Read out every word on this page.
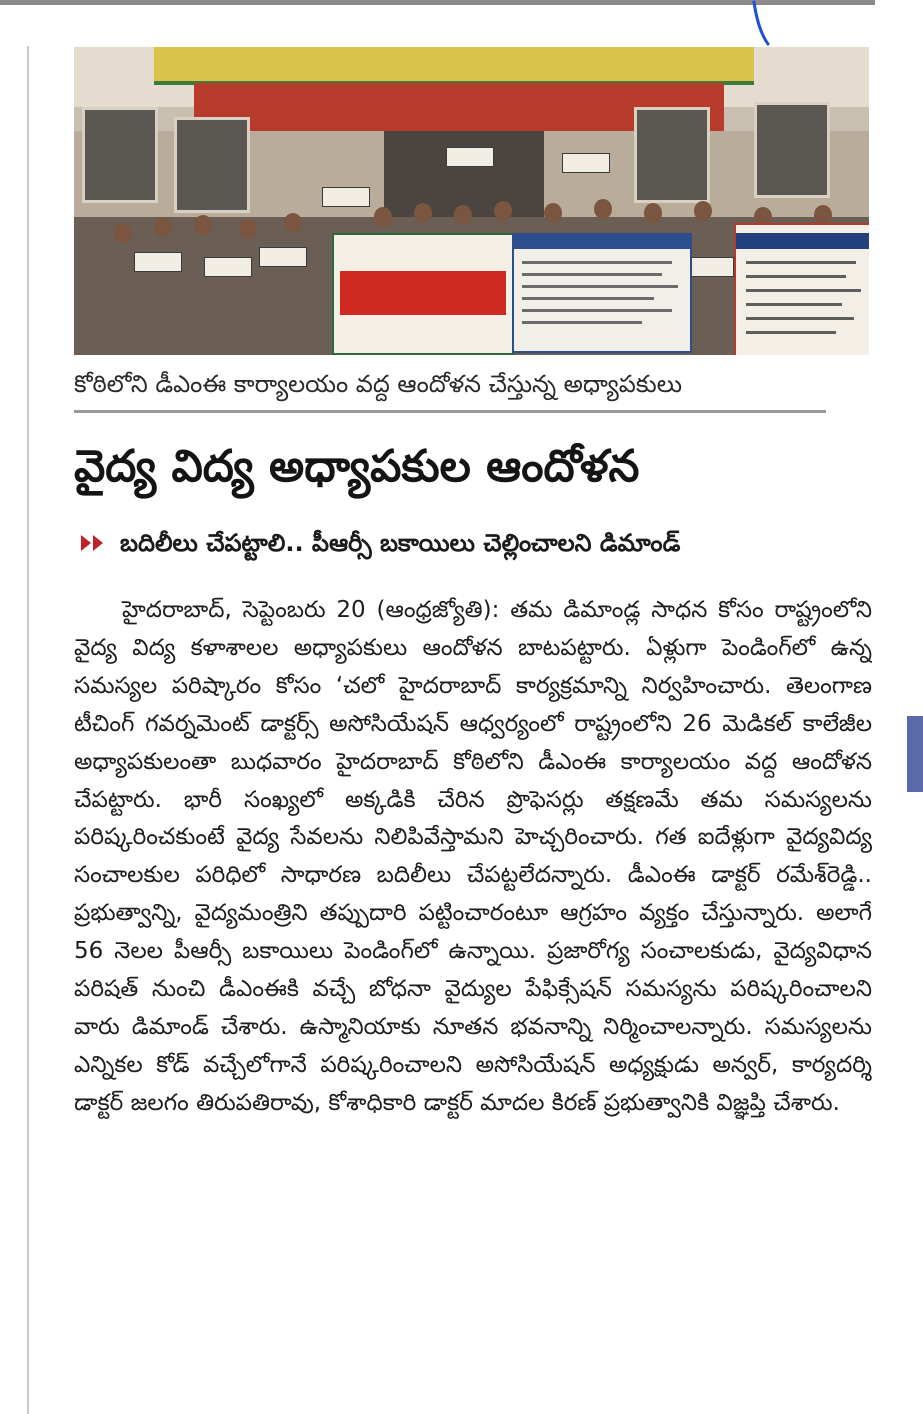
కోఠిలోని డీఎంఈ కార్యాలయం వద్ద ఆందోళన చేస్తున్న అధ్యాపకులు
వైద్య విద్య అధ్యాపకుల ఆందోళన
బదిలీలు చేపట్టాలి.. పీఆర్సీ బకాయిలు చెల్లించాలని డిమాండ్

హైదరాబాద్, సెప్టెంబరు 20 (ఆంధ్రజ్యోతి): తమ డిమాండ్ల సాధన కోసం రాష్ట్రంలోని వైద్య విద్య కళాశాలల అధ్యాపకులు ఆందోళన బాటపట్టారు. ఏళ్లుగా పెండింగ్‌లో ఉన్న సమస్యల పరిష్కారం కోసం ‘చలో హైదరాబాద్ కార్యక్రమాన్ని నిర్వహించారు. తెలంగాణ టీచింగ్ గవర్నమెంట్ డాక్టర్స్ అసోసియేషన్ ఆధ్వర్యంలో రాష్ట్రంలోని 26 మెడికల్ కాలేజీల అధ్యాపకులంతా బుధవారం హైదరాబాద్ కోఠిలోని డీఎంఈ కార్యాలయం వద్ద ఆందోళన చేపట్టారు. భారీ సంఖ్యలో అక్కడికి చేరిన ప్రొఫెసర్లు తక్షణమే తమ సమస్యలను పరిష్కరించకుంటే వైద్య సేవలను నిలిపివేస్తామని హెచ్చరించారు. గత ఐదేళ్లుగా వైద్యవిద్య సంచాలకుల పరిధిలో సాధారణ బదిలీలు చేపట్టలేదన్నారు. డీఎంఈ డాక్టర్ రమేశ్‌రెడ్డి.. ప్రభుత్వాన్ని, వైద్యమంత్రిని తప్పుదారి పట్టించారంటూ ఆగ్రహం వ్యక్తం చేస్తున్నారు. అలాగే 56 నెలల పీఆర్సీ బకాయిలు పెండింగ్‌లో ఉన్నాయి. ప్రజారోగ్య సంచాలకుడు, వైద్యవిధాన పరిషత్ నుంచి డీఎంఈకి వచ్చే బోధనా వైద్యుల పేఫిక్సేషన్ సమస్యను పరిష్కరించాలని వారు డిమాండ్ చేశారు. ఉస్మానియాకు నూతన భవనాన్ని నిర్మించాలన్నారు. సమస్యలను ఎన్నికల కోడ్ వచ్చేలోగానే పరిష్కరించాలని అసోసియేషన్ అధ్యక్షుడు అన్వర్, కార్యదర్శి డాక్టర్ జలగం తిరుపతిరావు, కోశాధికారి డాక్టర్ మాదల కిరణ్ ప్రభుత్వానికి విజ్ఞప్తి చేశారు.
